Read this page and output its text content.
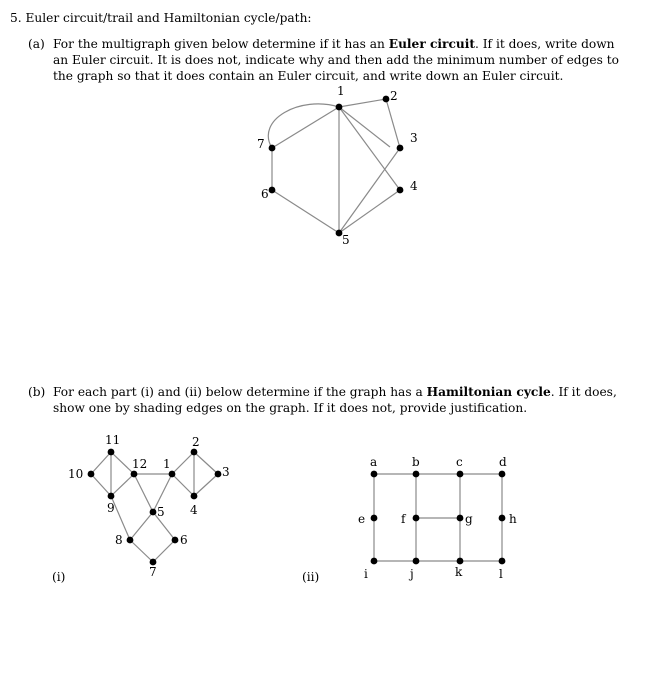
5. Euler circuit/trail and Hamiltonian cycle/path:
(a) For the multigraph given below determine if it has an Euler circuit. If it does, write down an Euler circuit. It is does not, indicate why and then add the minimum number of edges to the graph so that it does contain an Euler circuit, and write down an Euler circuit.
(b) For each part (i) and (ii) below determine if the graph has a Hamiltonian cycle. If it does, show one by shading edges on the graph. If it does not, provide justification.
(i)	(ii)
1	2
3
4
5
6
7
1
2
3
4
5
6
7
8
9
10
11
12	a	b	c	d
e	f	g	h
i	j	k	l
